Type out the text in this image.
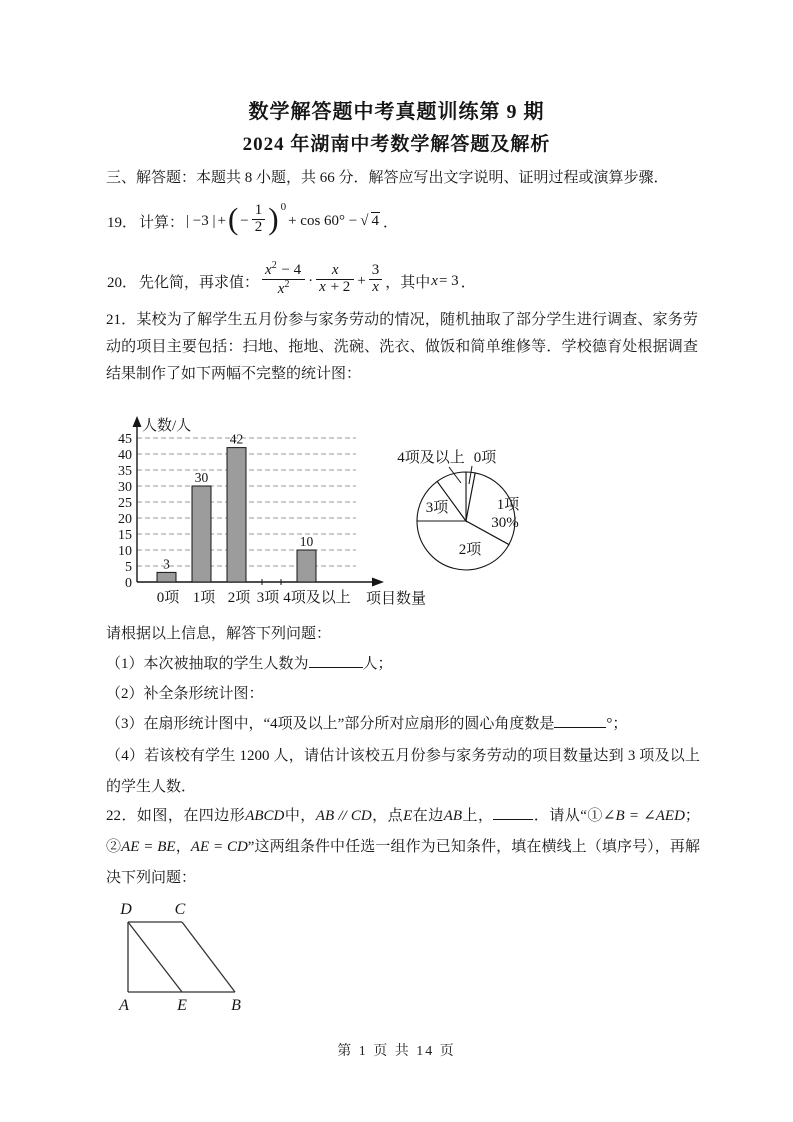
数学解答题中考真题训练第 9 期
2024 年湖南中考数学解答题及解析
三、解答题：本题共 8 小题，共 66 分．解答应写出文字说明、证明过程或演算步骤．
19． 计算： | −3 | + ( − $\frac{1}{2}$ ) 0
+ cos 60° − √ 4 ．
20． 先化简，再求值： $\frac{x^2 - 4}{x^2} \cdot \frac{x}{x + 2} + \frac{3}{x}$ ，其中 x = 3 ．
21．某校为了解学生五月份参与家务劳动的情况，随机抽取了部分学生进行调查、家务劳动的项目主要包括：扫地、拖地、洗碗、洗衣、做饭和简单维修等．学校德育处根据调查结果制作了如下两幅不完整的统计图：
0
5
10
15
20
25
30
35
40
45
3
0项
30
1项
42
2项 3项
10
4项及以上
人数/人
项目数量
0项
1项
30%
2项
3项
4项及以上
请根据以上信息，解答下列问题：
（1）本次被抽取的学生人数为	人；
（2）补全条形统计图：
（3）在扇形统计图中，“4项及以上”部分所对应扇形的圆心角度数是	°；
（4）若该校有学生 1200 人，请估计该校五月份参与家务劳动的项目数量达到 3 项及以上的学生人数．
22．如图，在四边形ABCD中，AB // CD，点E在边AB上，	．请从“①∠B = ∠AED；②AE = BE，AE = CD”这两组条件中任选一组作为已知条件，填在横线上（填序号），再解决下列问题：
D	C
A	E	B
第 1 页 共 14 页
